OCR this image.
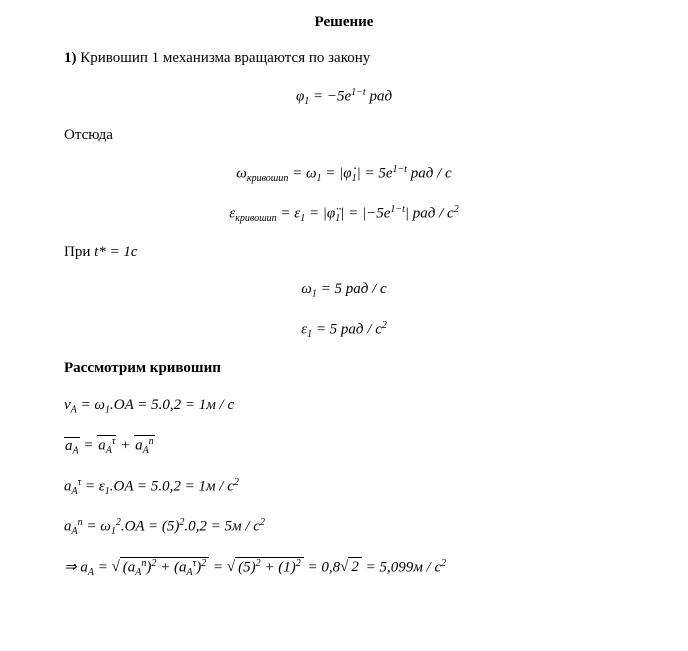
Решение

1) Кривошип 1 механизма вращаются по закону

$\varphi_1 = -5e^{1-t}$ рад

Отсюда

$\omega_{кривошип} = \omega_1$ = $|\varphi̇_1| = 5e^{1-t}$ рад / с
$\varepsilon_{кривошип} = \varepsilon_1$ = $|\varphï_1| = |-5e^{1-t}|$ рад / $с^2$

При t* = 1с

$\omega_1 = 5$ рад / с
$\varepsilon_1 = 5$ рад / $с^2$

Рассмотрим кривошип

$v_A = \omega_1.OA = 5.0,2 = 1м / с$
$a_A = a_A^\tau + a_A^n$
$a_A^\tau = \varepsilon_1.OA = 5.0,2 = 1м / с^2$
$a_A^n = \omega_1^2.OA = (5)^2.0,2 = 5м / с^2$
⇒ $a_A$ = √ $(a_A^n)^2 + (a_A^\tau)^2$ = √ $(5)^2 + (1)^2 = 0,8√$ $2 = 5,099м / с^2$
